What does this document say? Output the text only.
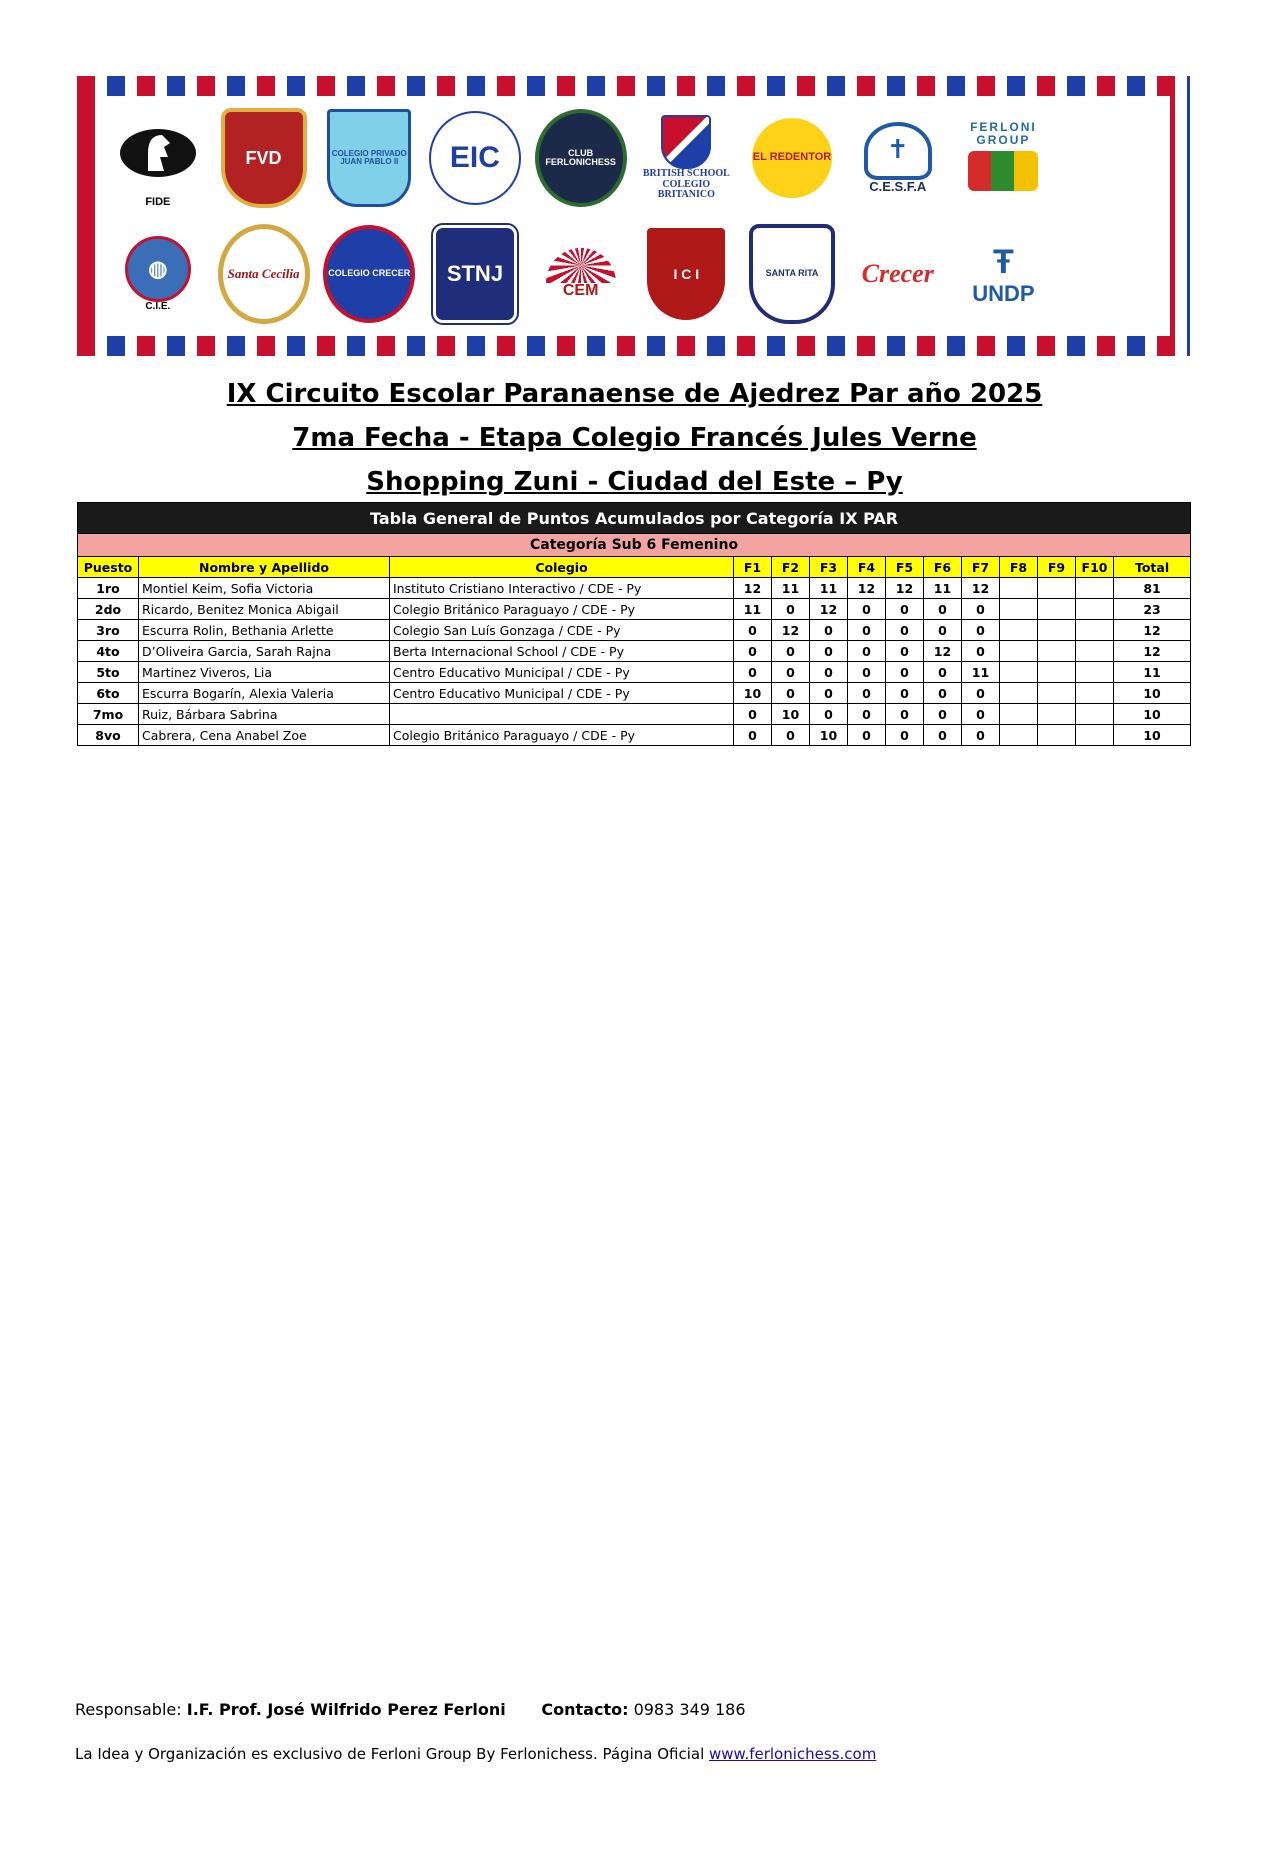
FIDE
FVD	COLEGIO PRIVADO JUAN PABLO II	EIC	CLUB FERLONICHESS
BRITISH SCHOOL COLEGIO BRITANICO
EL REDENTOR	✝
C.E.S.F.A
FERLONI GROUP
◍
C.I.E.
Santa Cecilia	COLEGIO CRECER STNJ
CEM
I C I	SANTA RITA Crecer	Ŧ
UNDP
IX Circuito Escolar Paranaense de Ajedrez Par año 2025
7ma Fecha - Etapa Colegio Francés Jules Verne
Shopping Zuni - Ciudad del Este – Py
Tabla General de Puntos Acumulados por Categoría IX PAR													
Categoría Sub 6 Femenino													
Puesto	Nombre y Apellido	Colegio	F1	F2	F3	F4	F5	F6	F7	F8	F9	F10	Total
1ro	Montiel Keim, Sofia Victoria	Instituto Cristiano Interactivo / CDE - Py	12	11	11	12	12	11	12				81
2do	Ricardo, Benitez Monica Abigail	Colegio Británico Paraguayo / CDE - Py	11	0	12	0	0	0	0				23
3ro	Escurra Rolin, Bethania Arlette	Colegio San Luís Gonzaga / CDE - Py	0	12	0	0	0	0	0				12
4to	D’Oliveira Garcia, Sarah Rajna	Berta Internacional School / CDE - Py	0	0	0	0	0	12	0				12
5to	Martinez Viveros, Lia	Centro Educativo Municipal / CDE - Py	0	0	0	0	0	0	11				11
6to	Escurra Bogarín, Alexia Valeria	Centro Educativo Municipal / CDE - Py	10	0	0	0	0	0	0				10
7mo	Ruiz, Bárbara Sabrina		0	10	0	0	0	0	0				10
8vo	Cabrera, Cena Anabel Zoe	Colegio Británico Paraguayo / CDE - Py	0	0	10	0	0	0	0				10
Responsable: I.F. Prof. José Wilfrido Perez Ferloni Contacto: 0983 349 186
La Idea y Organización es exclusivo de Ferloni Group By Ferlonichess. Página Oficial www.ferlonichess.com
